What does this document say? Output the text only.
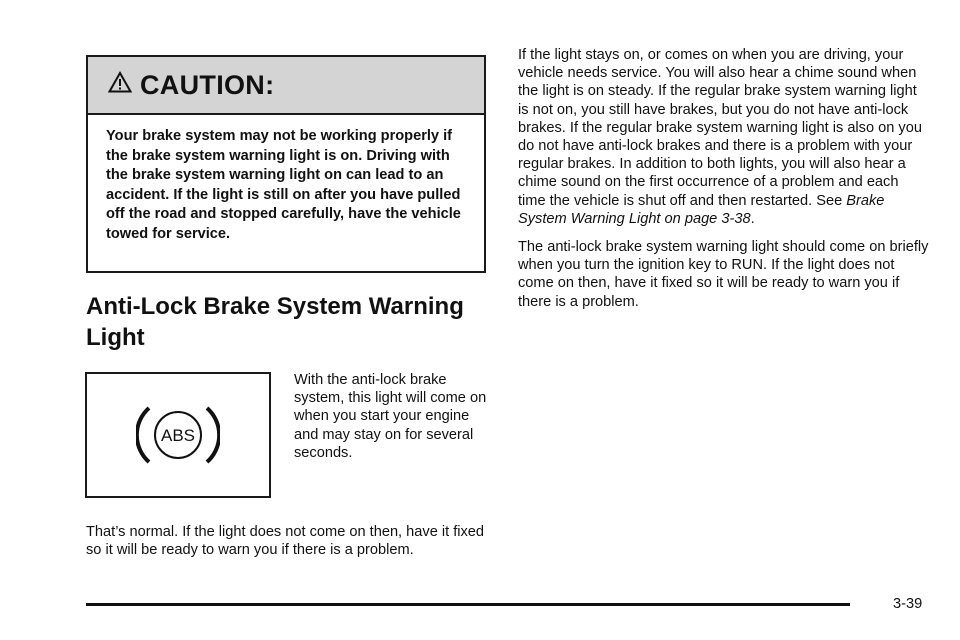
CAUTION:
Your brake system may not be working properly if the brake system warning light is on. Driving with the brake system warning light on can lead to an accident. If the light is still on after you have pulled off the road and stopped carefully, have the vehicle towed for service.
Anti-Lock Brake System Warning Light
ABS

With the anti-lock brake system, this light will come on when you start your engine and may stay on for several seconds.

That’s normal. If the light does not come on then, have it fixed so it will be ready to warn you if there is a problem.

If the light stays on, or comes on when you are driving, your vehicle needs service. You will also hear a chime sound when the light is on steady. If the regular brake system warning light is not on, you still have brakes, but you do not have anti-lock brakes. If the regular brake system warning light is also on you do not have anti-lock brakes and there is a problem with your regular brakes. In addition to both lights, you will also hear a chime sound on the first occurrence of a problem and each time the vehicle is shut off and then restarted. See Brake System Warning Light on page 3-38.

The anti-lock brake system warning light should come on briefly when you turn the ignition key to RUN. If the light does not come on then, have it fixed so it will be ready to warn you if there is a problem.

3-39
